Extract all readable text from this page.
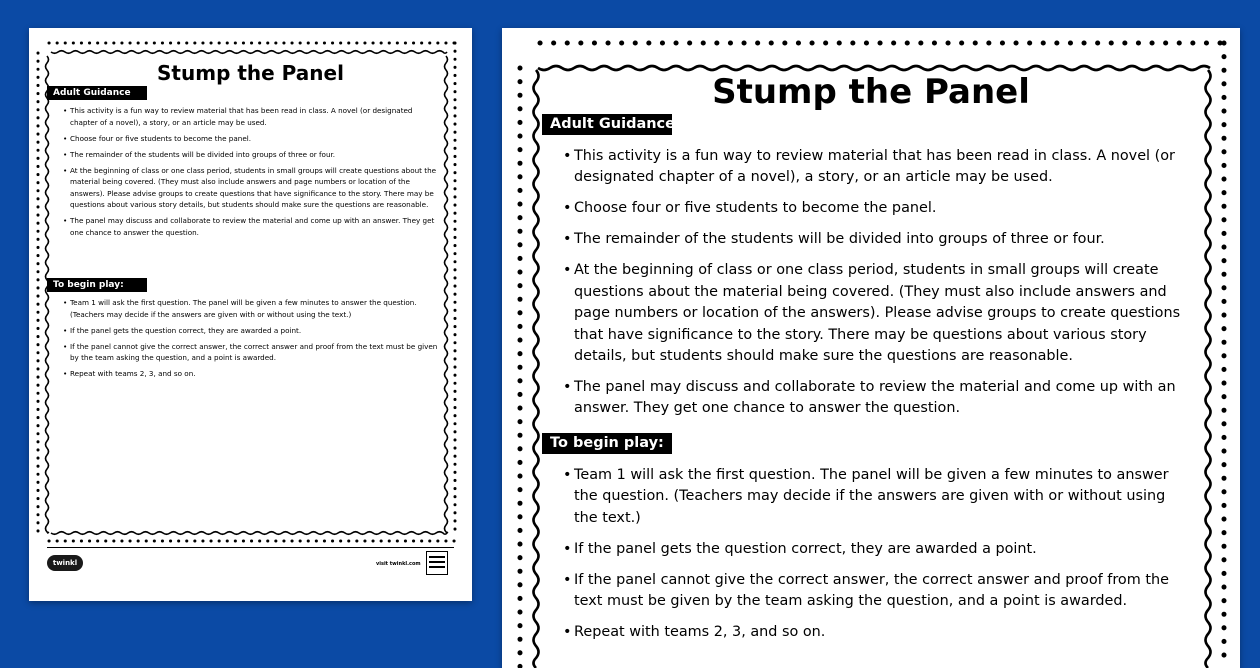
Stump the Panel
Adult Guidance
• This activity is a fun way to review material that has been read in class. A novel (or designated chapter of a novel), a story, or an article may be used.
• Choose four or five students to become the panel.
• The remainder of the students will be divided into groups of three or four.
• At the beginning of class or one class period, students in small groups will create questions about the material being covered. (They must also include answers and page numbers or location of the answers). Please advise groups to create questions that have significance to the story. There may be questions about various story details, but students should make sure the questions are reasonable.
• The panel may discuss and collaborate to review the material and come up with an answer. They get one chance to answer the question.
To begin play:
• Team 1 will ask the first question. The panel will be given a few minutes to answer the question. (Teachers may decide if the answers are given with or without using the text.)
• If the panel gets the question correct, they are awarded a point.
• If the panel cannot give the correct answer, the correct answer and proof from the text must be given by the team asking the question, and a point is awarded.
• Repeat with teams 2, 3, and so on.
twinkl	visit twinkl.com
Stump the Panel
Adult Guidance
• This activity is a fun way to review material that has been read in class. A novel (or designated chapter of a novel), a story, or an article may be used.
• Choose four or five students to become the panel.
• The remainder of the students will be divided into groups of three or four.
• At the beginning of class or one class period, students in small groups will create questions about the material being covered. (They must also include answers and page numbers or location of the answers). Please advise groups to create questions that have significance to the story. There may be questions about various story details, but students should make sure the questions are reasonable.
• The panel may discuss and collaborate to review the material and come up with an answer. They get one chance to answer the question.
To begin play:
• Team 1 will ask the first question. The panel will be given a few minutes to answer the question. (Teachers may decide if the answers are given with or without using the text.)
• If the panel gets the question correct, they are awarded a point.
• If the panel cannot give the correct answer, the correct answer and proof from the text must be given by the team asking the question, and a point is awarded.
• Repeat with teams 2, 3, and so on.
